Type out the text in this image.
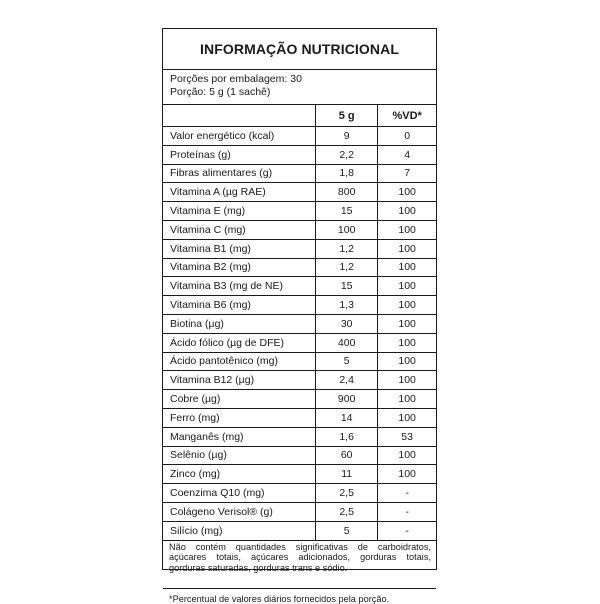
INFORMAÇÃO NUTRICIONAL
Porções por embalagem: 30
Porção: 5 g (1 sachê)
	5 g	%VD*
Valor energético (kcal)	9	0
Proteínas (g)	2,2	4
Fibras alimentares (g)	1,8	7
Vitamina A (µg RAE)	800	100
Vitamina E (mg)	15	100
Vitamina C (mg)	100	100
Vitamina B1 (mg)	1,2	100
Vitamina B2 (mg)	1,2	100
Vitamina B3 (mg de NE)	15	100
Vitamina B6 (mg)	1,3	100
Biotina (µg)	30	100
Ácido fólico (µg de DFE)	400	100
Ácido pantotênico (mg)	5	100
Vitamina B12 (µg)	2,4	100
Cobre (µg)	900	100
Ferro (mg)	14	100
Manganês (mg)	1,6	53
Selênio (µg)	60	100
Zinco (mg)	11	100
Coenzima Q10 (mg)	2,5	-
Colágeno Verisol® (g)	2,5	-
Silício (mg)	5	-
Não contém quantidades significativas de carboidratos, açúcares totais, açúcares adicionados, gorduras totais, gorduras saturadas, gorduras trans e sódio.
*Percentual de valores diários fornecidos pela porção.
